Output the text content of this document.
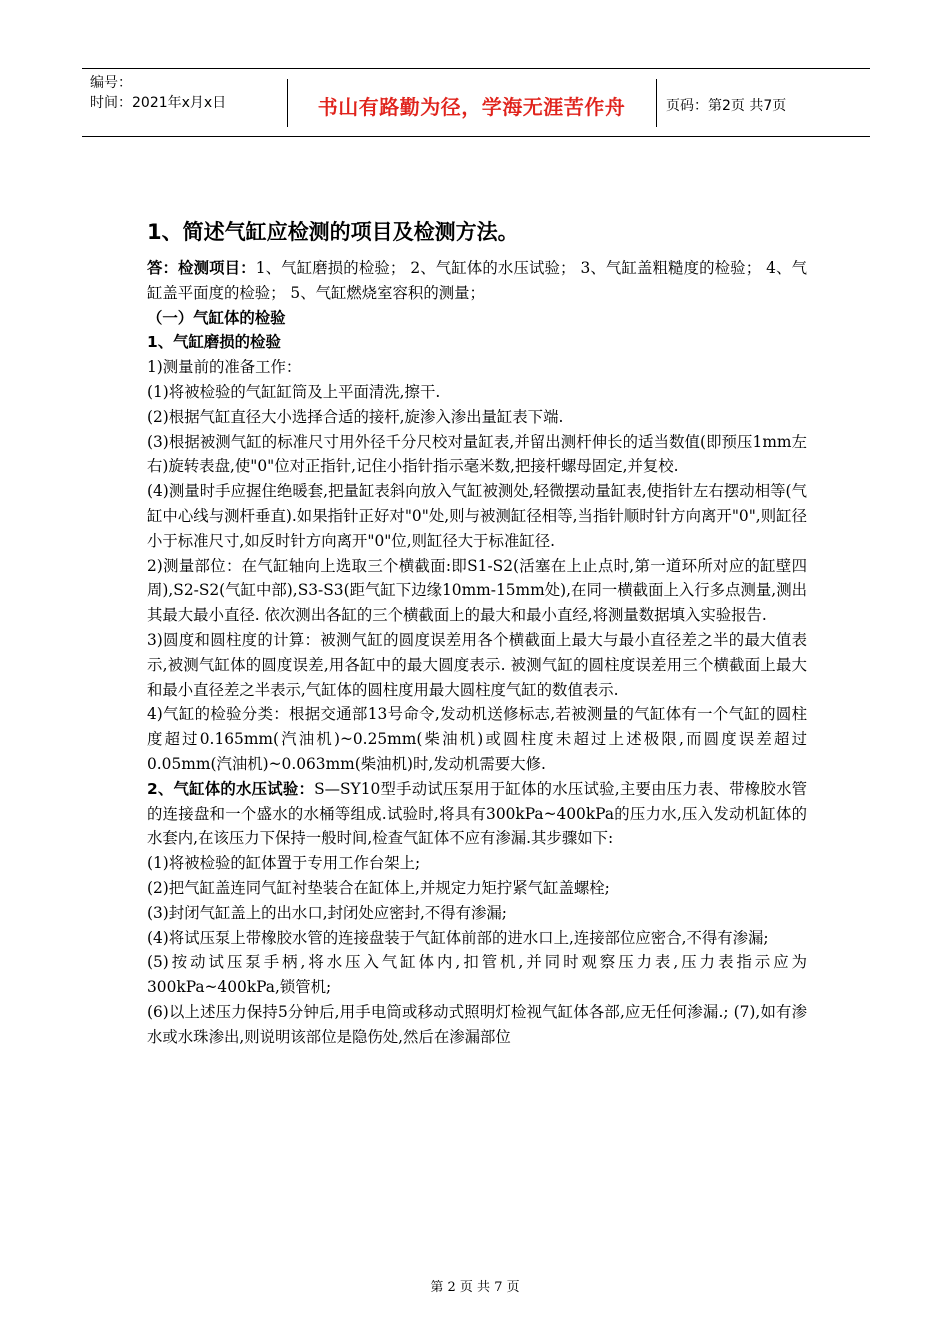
编号：
时间：2021年x月x日	书山有路勤为径，学海无涯苦作舟	页码：第2页 共7页
1、简述气缸应检测的项目及检测方法。

答：检测项目：1、气缸磨损的检验； 2、气缸体的水压试验； 3、气缸盖粗糙度的检验； 4、气缸盖平面度的检验； 5、气缸燃烧室容积的测量；

（一）气缸体的检验

1、气缸磨损的检验

1)测量前的准备工作：

(1)将被检验的气缸缸筒及上平面清洗,擦干.

(2)根据气缸直径大小选择合适的接杆,旋渗入渗出量缸表下端.

(3)根据被测气缸的标准尺寸用外径千分尺校对量缸表,并留出测杆伸长的适当数值(即预压1mm左右)旋转表盘,使"0"位对正指针,记住小指针指示毫米数,把接杆螺母固定,并复校.

(4)测量时手应握住绝暖套,把量缸表斜向放入气缸被测处,轻微摆动量缸表,使指针左右摆动相等(气缸中心线与测杆垂直).如果指针正好对"0"处,则与被测缸径相等,当指针顺时针方向离开"0",则缸径小于标准尺寸,如反时针方向离开"0"位,则缸径大于标准缸径.

2)测量部位：在气缸轴向上选取三个横截面:即S1-S2(活塞在上止点时,第一道环所对应的缸壁四周),S2-S2(气缸中部),S3-S3(距气缸下边缘10mm-15mm处),在同一横截面上入行多点测量,测出其最大最小直径. 依次测出各缸的三个横截面上的最大和最小直经,将测量数据填入实验报告.

3)圆度和圆柱度的计算：被测气缸的圆度误差用各个横截面上最大与最小直径差之半的最大值表示,被测气缸体的圆度误差,用各缸中的最大圆度表示. 被测气缸的圆柱度误差用三个横截面上最大和最小直径差之半表示,气缸体的圆柱度用最大圆柱度气缸的数值表示.

4)气缸的检验分类：根据交通部13号命令,发动机送修标志,若被测量的气缸体有一个气缸的圆柱度超过0.165mm(汽油机)~0.25mm(柴油机)或圆柱度未超过上述极限,而圆度误差超过0.05mm(汽油机)~0.063mm(柴油机)时,发动机需要大修.

2、气缸体的水压试验：S—SY10型手动试压泵用于缸体的水压试验,主要由压力表、带橡胶水管的连接盘和一个盛水的水桶等组成.试验时,将具有300kPa~400kPa的压力水,压入发动机缸体的水套内,在该压力下保持一般时间,检查气缸体不应有渗漏.其步骤如下:

(1)将被检验的缸体置于专用工作台架上;

(2)把气缸盖连同气缸衬垫装合在缸体上,并规定力矩拧紧气缸盖螺栓;

(3)封闭气缸盖上的出水口,封闭处应密封,不得有渗漏;

(4)将试压泵上带橡胶水管的连接盘装于气缸体前部的进水口上,连接部位应密合,不得有渗漏;

(5)按动试压泵手柄,将水压入气缸体内,扣管机,并同时观察压力表,压力表指示应为300kPa~400kPa,锁管机;

(6)以上述压力保持5分钟后,用手电筒或移动式照明灯检视气缸体各部,应无任何渗漏.; (7),如有渗水或水珠渗出,则说明该部位是隐伤处,然后在渗漏部位

第 2 页 共 7 页
